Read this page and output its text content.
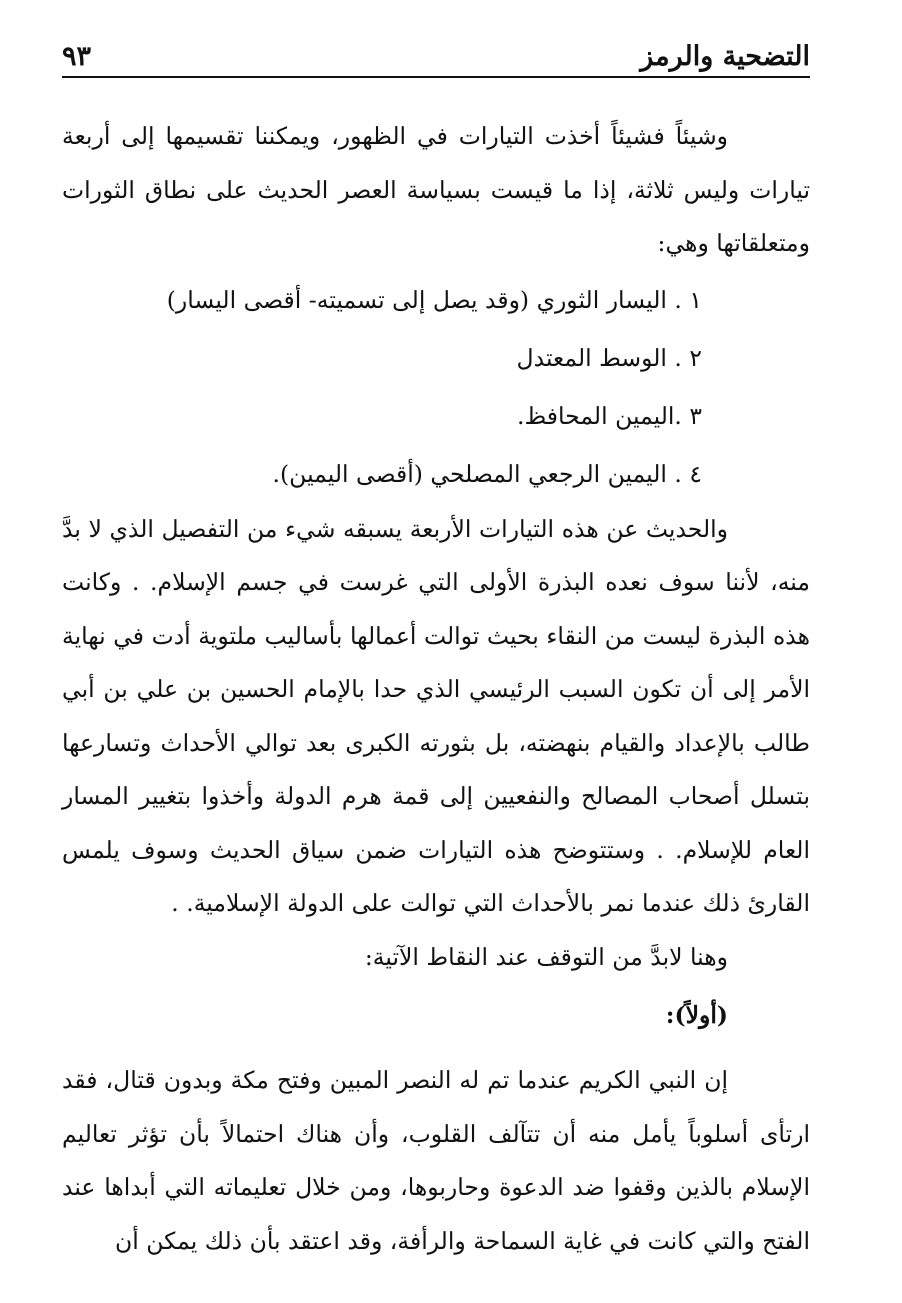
التضحية والرمز
٩٣

وشيئاً فشيئاً أخذت التيارات في الظهور، ويمكننا تقسيمها إلى أربعة تيارات وليس ثلاثة، إذا ما قيست بسياسة العصر الحديث على نطاق الثورات ومتعلقاتها وهي:

١ . اليسار الثوري (وقد يصل إلى تسميته- أقصى اليسار)
٢ . الوسط المعتدل
٣ .اليمين المحافظ.
٤ . اليمين الرجعي المصلحي (أقصى اليمين).

والحديث عن هذه التيارات الأربعة يسبقه شيء من التفصيل الذي لا بدَّ منه، لأننا سوف نعده البذرة الأولى التي غرست في جسم الإسلام. . وكانت هذه البذرة ليست من النقاء بحيث توالت أعمالها بأساليب ملتوية أدت في نهاية الأمر إلى أن تكون السبب الرئيسي الذي حدا بالإمام الحسين بن علي بن أبي طالب بالإعداد والقيام بنهضته، بل بثورته الكبرى بعد توالي الأحداث وتسارعها بتسلل أصحاب المصالح والنفعيين إلى قمة هرم الدولة وأخذوا بتغيير المسار العام للإسلام. . وستتوضح هذه التيارات ضمن سياق الحديث وسوف يلمس القارئ ذلك عندما نمر بالأحداث التي توالت على الدولة الإسلامية. .

وهنا لابدَّ من التوقف عند النقاط الآتية:

(أولاً):

إن النبي الكريم عندما تم له النصر المبين وفتح مكة وبدون قتال، فقد ارتأى أسلوباً يأمل منه أن تتآلف القلوب، وأن هناك احتمالاً بأن تؤثر تعاليم الإسلام بالذين وقفوا ضد الدعوة وحاربوها، ومن خلال تعليماته التي أبداها عند الفتح والتي كانت في غاية السماحة والرأفة، وقد اعتقد بأن ذلك يمكن أن
